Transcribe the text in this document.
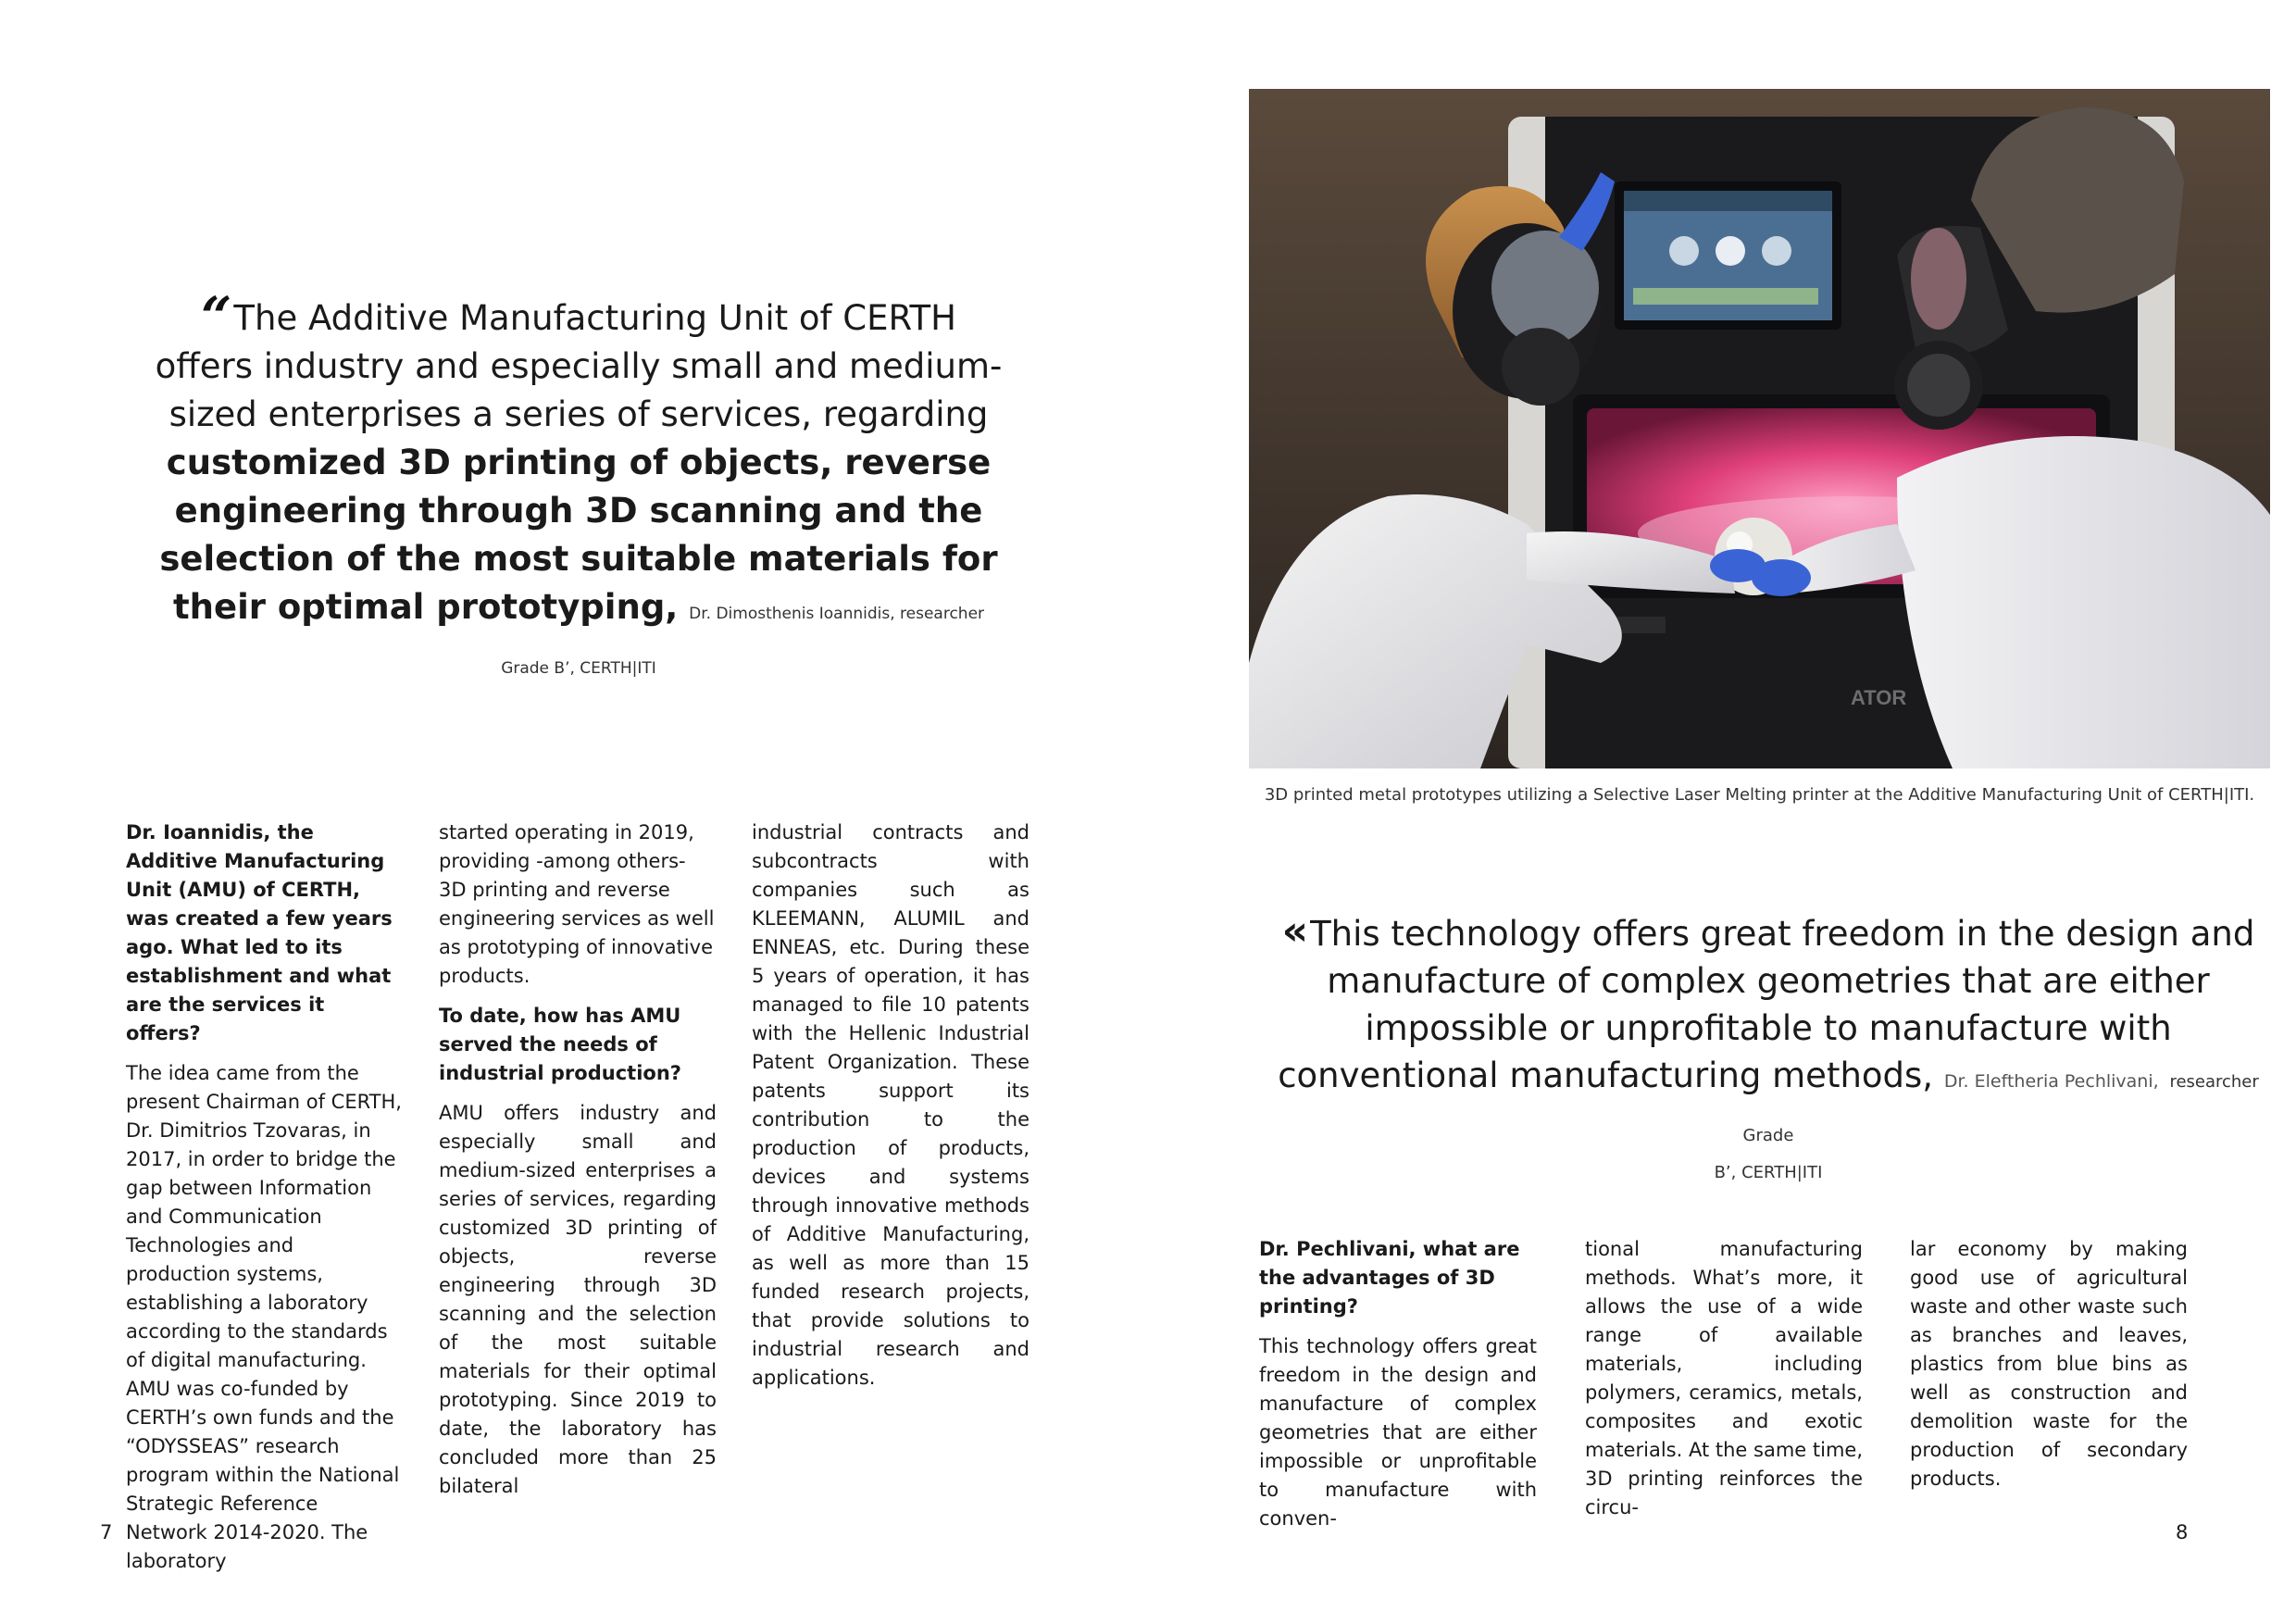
“The Additive Manufacturing Unit of CERTH offers industry and especially small and medium-sized enterprises a series of services, regarding customized 3D printing of objects, reverse engineering through 3D scanning and the selection of the most suitable materials for their optimal prototyping, Dr. Dimosthenis Ioannidis, researcher Grade B’, CERTH|ITI

Dr. Ioannidis, the Additive Manufacturing Unit (AMU) of CERTH, was created a few years ago. What led to its establishment and what are the services it offers?

The idea came from the present Chairman of CERTH, Dr. Dimitrios Tzovaras, in 2017, in order to bridge the gap between Information and Communication Technologies and production systems, establishing a laboratory according to the standards of digital manufacturing. AMU was co-funded by CERTH’s own funds and the “ODYSSEAS” research program within the National Strategic Reference Network 2014-2020. The laboratory

started operating in 2019, providing -among others- 3D printing and reverse engineering services as well as prototyping of innovative products.

To date, how has AMU served the needs of industrial production?

AMU offers industry and especially small and medium-sized enterprises a series of services, regarding customized 3D printing of objects, reverse engineering through 3D scanning and the selection of the most suitable materials for their optimal prototyping. Since 2019 to date, the laboratory has concluded more than 25 bilateral

industrial contracts and subcontracts with companies such as KLEEMANN, ALUMIL and ENNEAS, etc. During these 5 years of operation, it has managed to file 10 patents with the Hellenic Industrial Patent Organization. These patents support its contribution to the production of products, devices and systems through innovative methods of Additive Manufacturing, as well as more than 15 funded research projects, that provide solutions to industrial research and applications.

7
ATOR
3D printed metal prototypes utilizing a Selective Laser Melting printer at the Additive Manufacturing Unit of CERTH|ITI.
«This technology offers great freedom in the design and manufacture of complex geometries that are either impossible or unprofitable to manufacture with conventional manufacturing methods, Dr. Eleftheria Pechlivani, researcher Grade
B’, CERTH|ITI

Dr. Pechlivani, what are the advantages of 3D printing?

This technology offers great freedom in the design and manufacture of complex geometries that are either impossible or unprofitable to manufacture with conven-

tional manufacturing methods. What’s more, it allows the use of a wide range of available materials, including polymers, ceramics, metals, composites and exotic materials. At the same time, 3D printing reinforces the circu-

lar economy by making good use of agricultural waste and other waste such as branches and leaves, plastics from blue bins as well as construction and demolition waste for the production of secondary products.

8
